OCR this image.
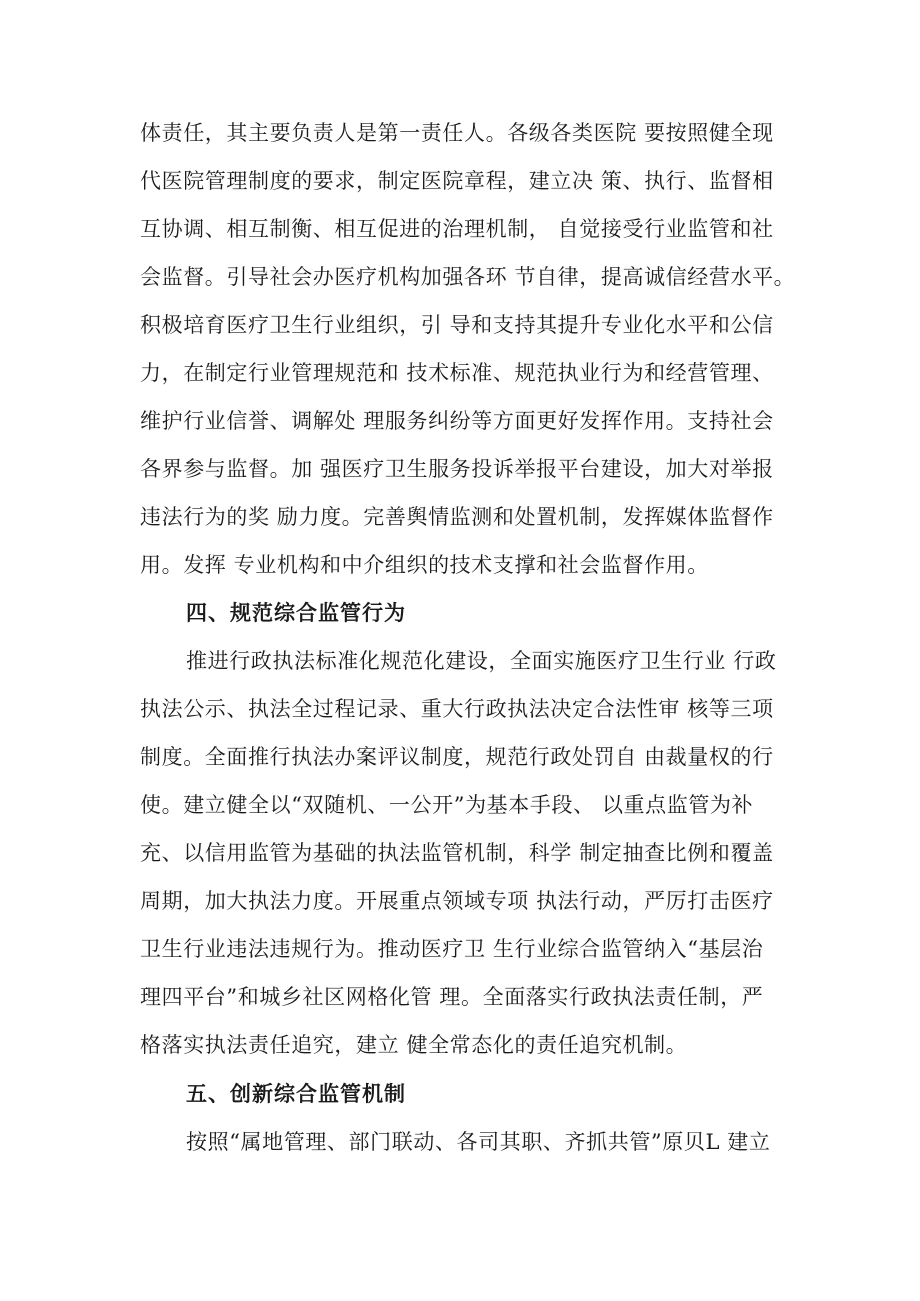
体责任，其主要负责人是第一责任人。各级各类医院 要按照健全现
代医院管理制度的要求，制定医院章程，建立决 策、执行、监督相
互协调、相互制衡、相互促进的治理机制， 自觉接受行业监管和社
会监督。引导社会办医疗机构加强各环 节自律，提高诚信经营水平。
积极培育医疗卫生行业组织，引 导和支持其提升专业化水平和公信
力，在制定行业管理规范和 技术标准、规范执业行为和经营管理、
维护行业信誉、调解处 理服务纠纷等方面更好发挥作用。支持社会
各界参与监督。加 强医疗卫生服务投诉举报平台建设，加大对举报
违法行为的奖 励力度。完善舆情监测和处置机制，发挥媒体监督作
用。发挥 专业机构和中介组织的技术支撑和社会监督作用。
四、规范综合监管行为
推进行政执法标准化规范化建设，全面实施医疗卫生行业 行政
执法公示、执法全过程记录、重大行政执法决定合法性审 核等三项
制度。全面推行执法办案评议制度，规范行政处罚自 由裁量权的行
使。建立健全以“双随机、一公开”为基本手段、 以重点监管为补
充、以信用监管为基础的执法监管机制，科学 制定抽查比例和覆盖
周期，加大执法力度。开展重点领域专项 执法行动，严厉打击医疗
卫生行业违法违规行为。推动医疗卫 生行业综合监管纳入“基层治
理四平台”和城乡社区网格化管 理。全面落实行政执法责任制，严
格落实执法责任追究，建立 健全常态化的责任追究机制。
五、创新综合监管机制
按照“属地管理、部门联动、各司其职、齐抓共管”原贝L 建立
